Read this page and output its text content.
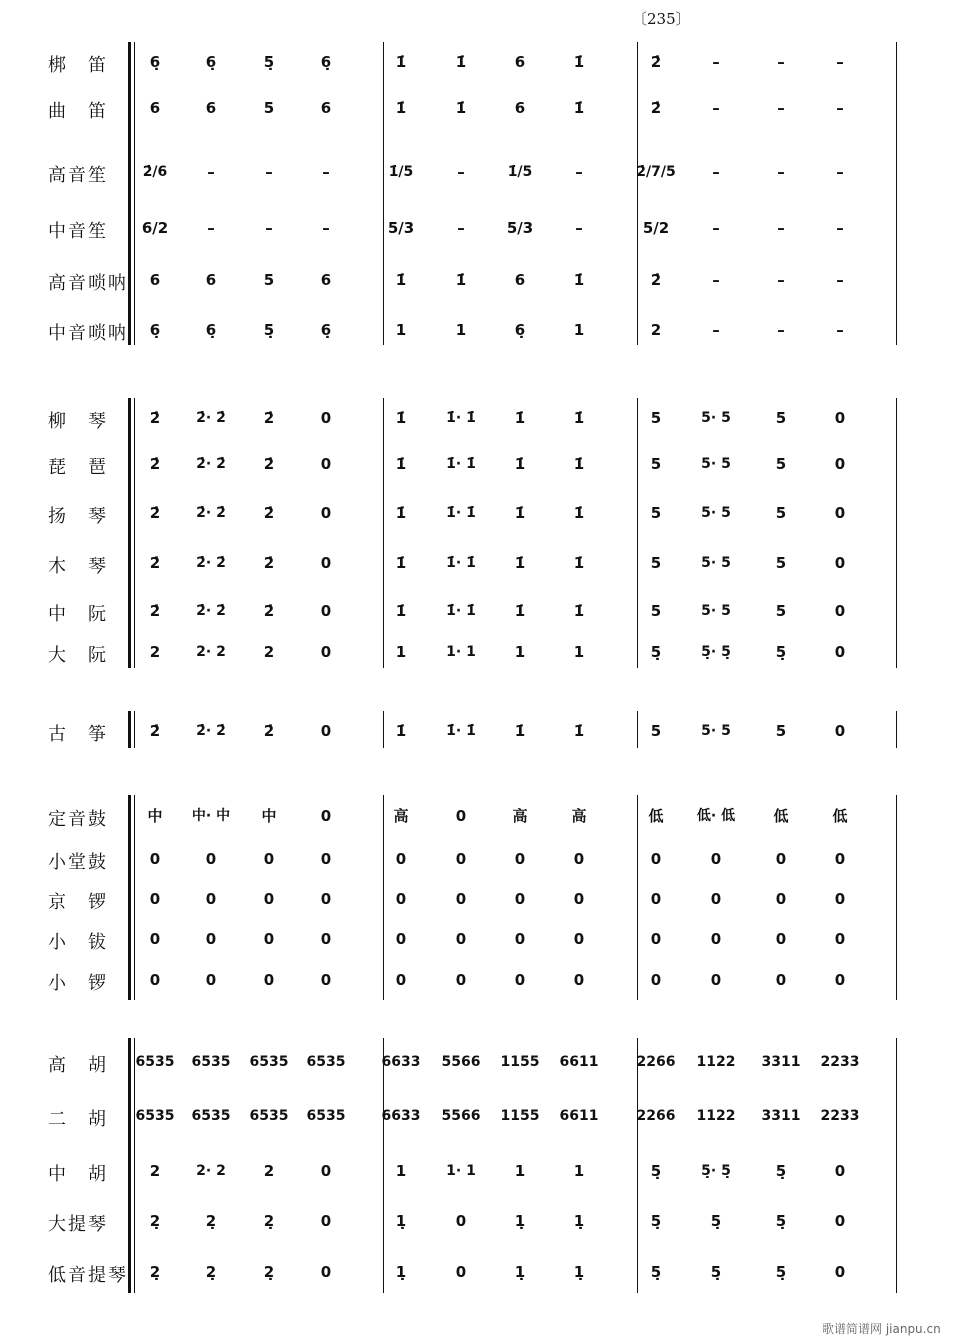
〔235〕
歌谱简谱网 jianpu.cn
梆　笛	6̣	6̣	5̣	6̣	1̇	1̇	6	1̇	2̇	–	–	–
曲　笛	6	6	5	6	1̇	1̇	6	1̇	2̇	–	–	–
高音笙	2̇/6	–	–	–	1̇/5	–	1̇/5	–	2̇/7/5	–	–	–
中音笙	6/2	–	–	–	5/3	–	5/3	–	5/2	–	–	–
高音唢呐	6	6	5	6	1̇	1̇	6	1̇	2̇	–	–	–
中音唢呐	6̣	6̣	5̣	6̣	1	1	6̣	1	2	–	–	–
柳　琴	2̇	2̇· 2̇	2̇	0	1̇	1̇· 1̇	1̇	1̇	5	5· 5	5	0
琵　琶	2̇	2̇· 2̇	2̇	0	1̇	1̇· 1̇	1̇	1̇	5	5· 5	5	0
扬　琴	2̇	2̇· 2̇	2̇	0	1̇	1̇· 1̇	1̇	1̇	5	5· 5	5	0
木　琴	2̇	2̇· 2̇	2̇	0	1̇	1̇· 1̇	1̇	1̇	5	5· 5	5	0
中　阮	2̇	2̇· 2̇	2̇	0	1̇	1̇· 1̇	1̇	1̇	5	5· 5	5	0
大　阮	2	2· 2	2	0	1	1· 1	1	1	5̣	5̣· 5̣	5̣	0
古　筝	2̇	2̇· 2̇	2̇	0	1̇	1̇· 1̇	1̇	1̇	5	5· 5	5	0
定音鼓	中	中· 中	中	0	高	0	高	高	低	低· 低	低	低
小堂鼓	0	0	0	0	0	0	0	0	0	0	0	0
京　锣	0	0	0	0	0	0	0	0	0	0	0	0
小　钹	0	0	0	0	0	0	0	0	0	0	0	0
小　锣	0	0	0	0	0	0	0	0	0	0	0	0
高　胡	6535	6535	6535	6535	6633	5566	1155	6611	2266	1122	3311	2233
二　胡	6535	6535	6535	6535	6633	5566	1155	6611	2266	1122	3311	2233
中　胡	2	2· 2	2	0	1	1· 1	1	1	5̣	5̣· 5̣	5̣	0
大提琴	2̣	2̣	2̣	0	1̣	0	1̣	1̣	5̣	5̣	5̣	0
低音提琴	2̣	2̣	2̣	0	1̣	0	1̣	1̣	5̣	5̣	5̣	0
